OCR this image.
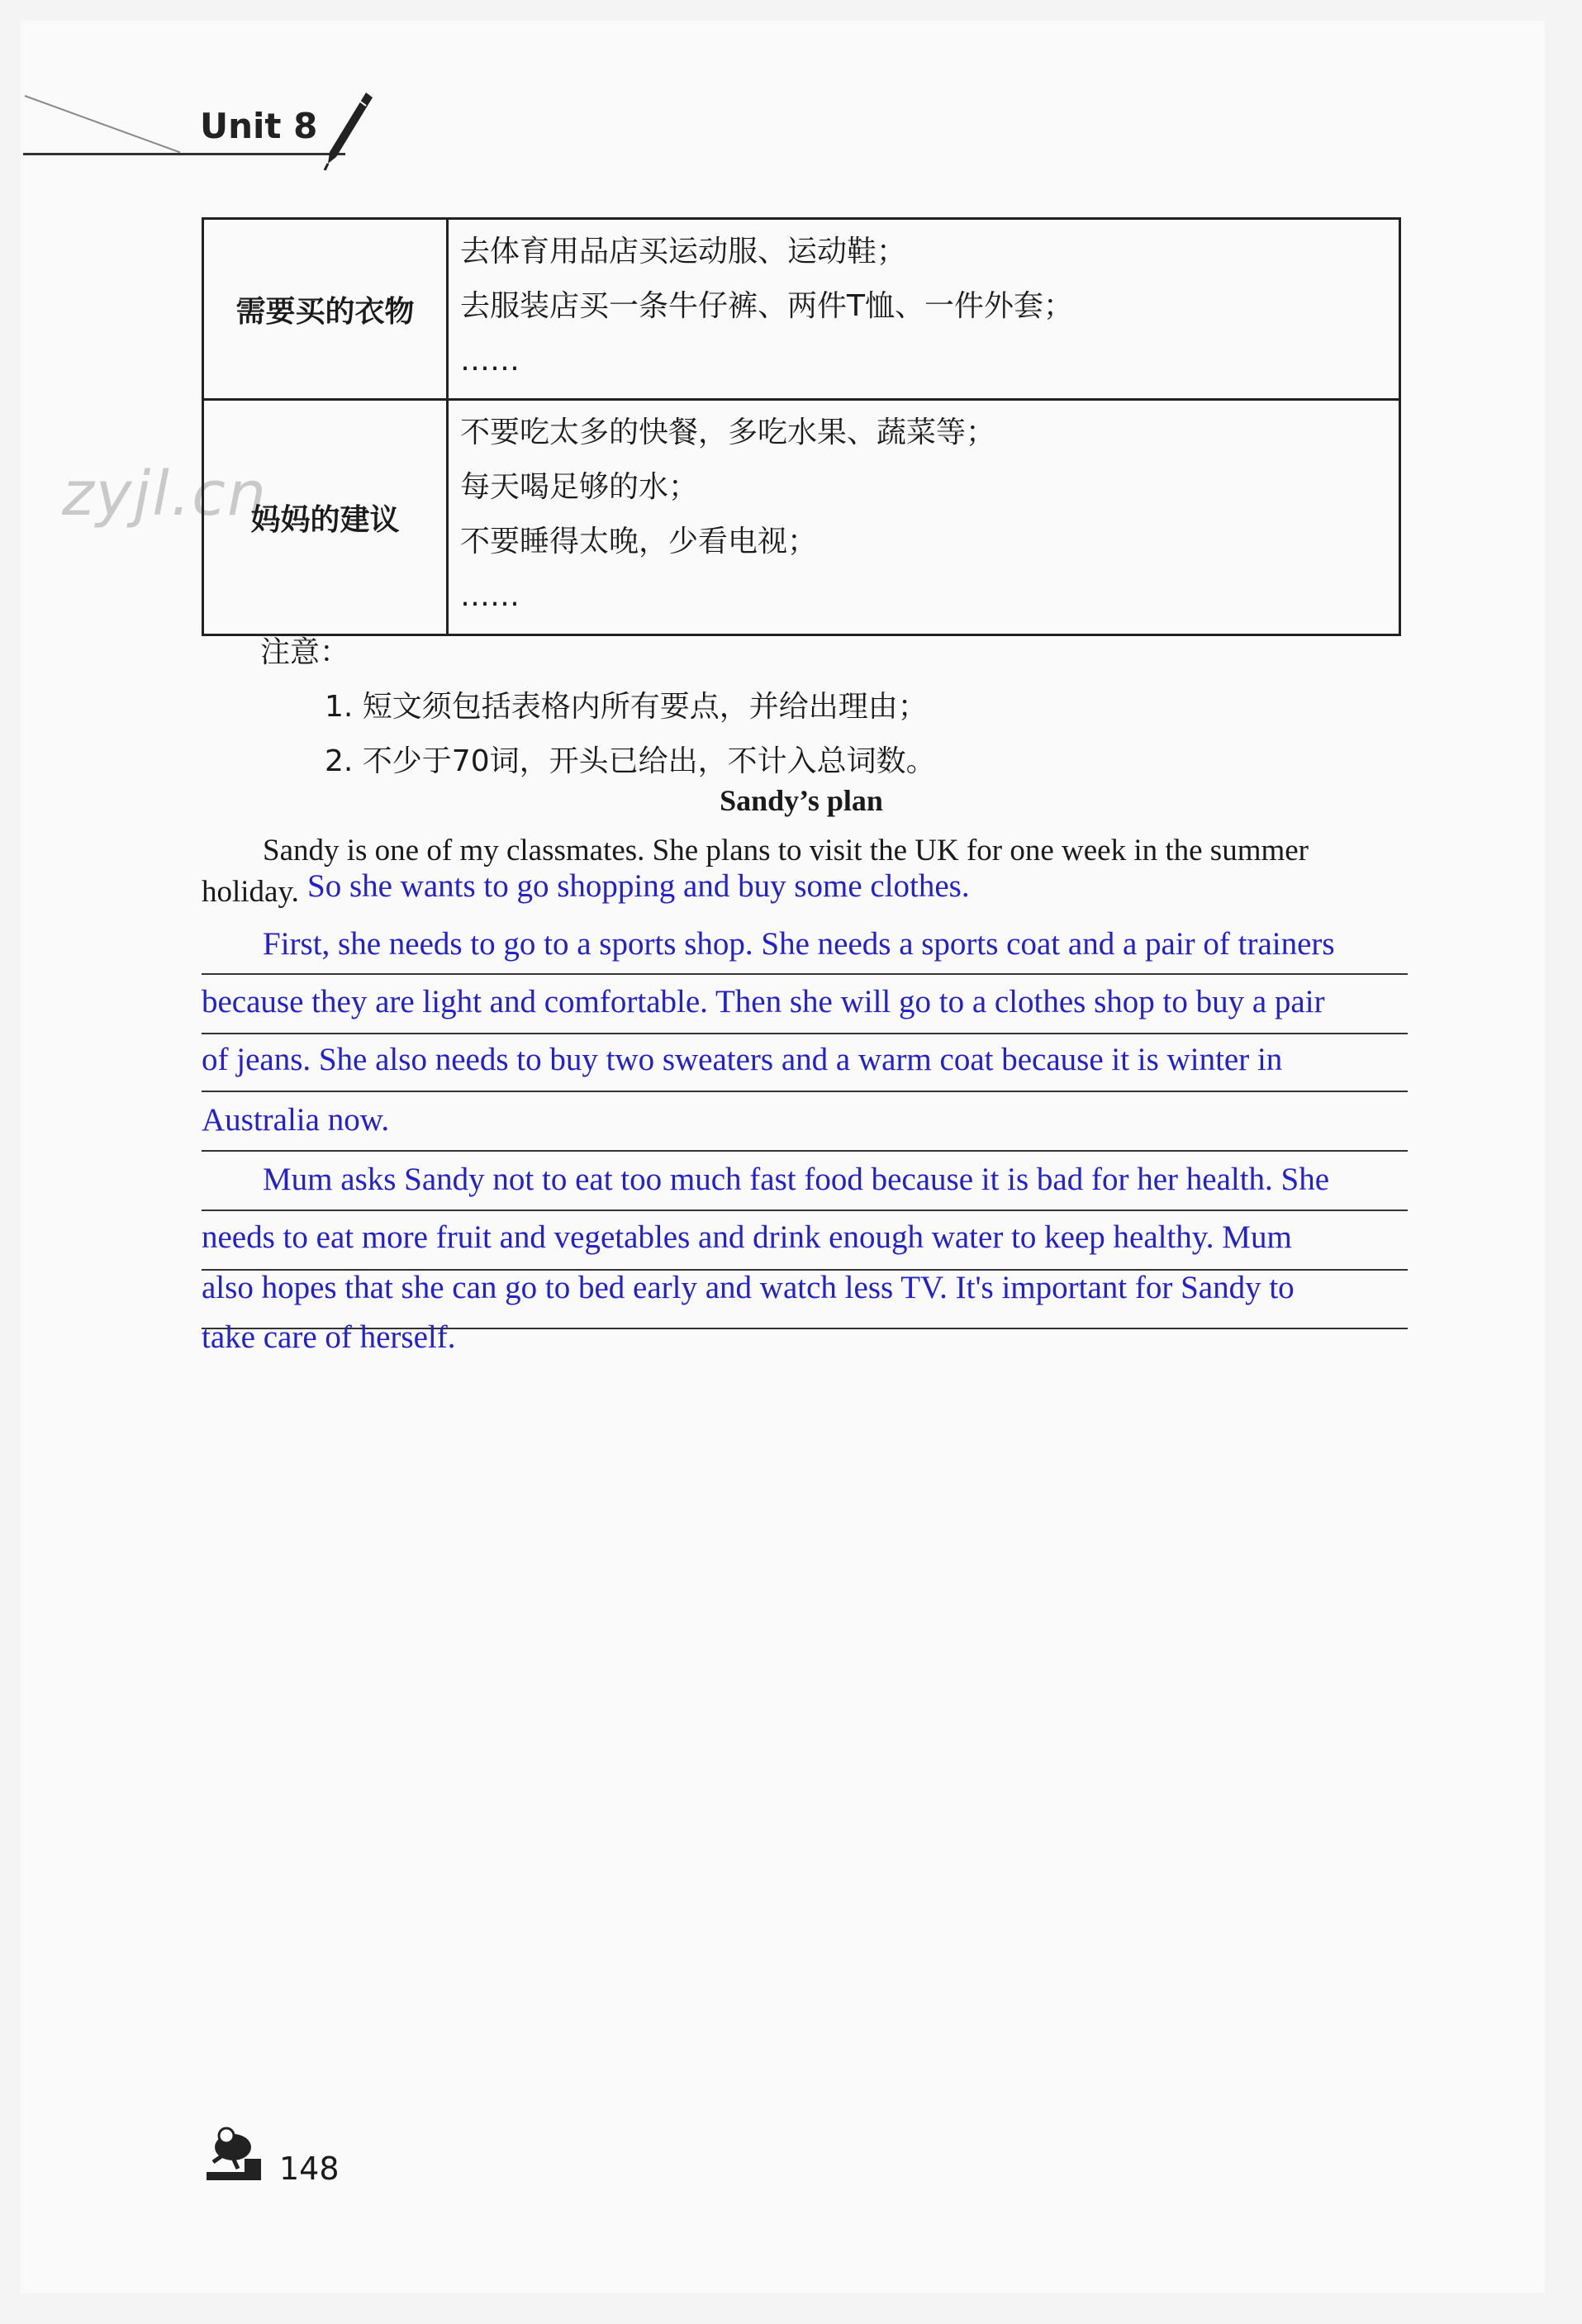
Unit 8
zyjl.cn
需要买的衣物	去体育用品店买运动服、运动鞋；
去服装店买一条牛仔裤、两件T恤、一件外套；
……

妈妈的建议	不要吃太多的快餐，多吃水果、蔬菜等；
每天喝足够的水；
不要睡得太晚，少看电视；
……
注意：
1. 短文须包括表格内所有要点，并给出理由；
2. 不少于70词，开头已给出，不计入总词数。
Sandy’s plan
Sandy is one of my classmates. She plans to visit the UK for one week in the summer
holiday. So she wants to go shopping and buy some clothes.
First, she needs to go to a sports shop. She needs a sports coat and a pair of trainers
because they are light and comfortable. Then she will go to a clothes shop to buy a pair
of jeans. She also needs to buy two sweaters and a warm coat because it is winter in
Australia now.
Mum asks Sandy not to eat too much fast food because it is bad for her health. She
needs to eat more fruit and vegetables and drink enough water to keep healthy. Mum
also hopes that she can go to bed early and watch less TV. It's important for Sandy to
take care of herself.
148
